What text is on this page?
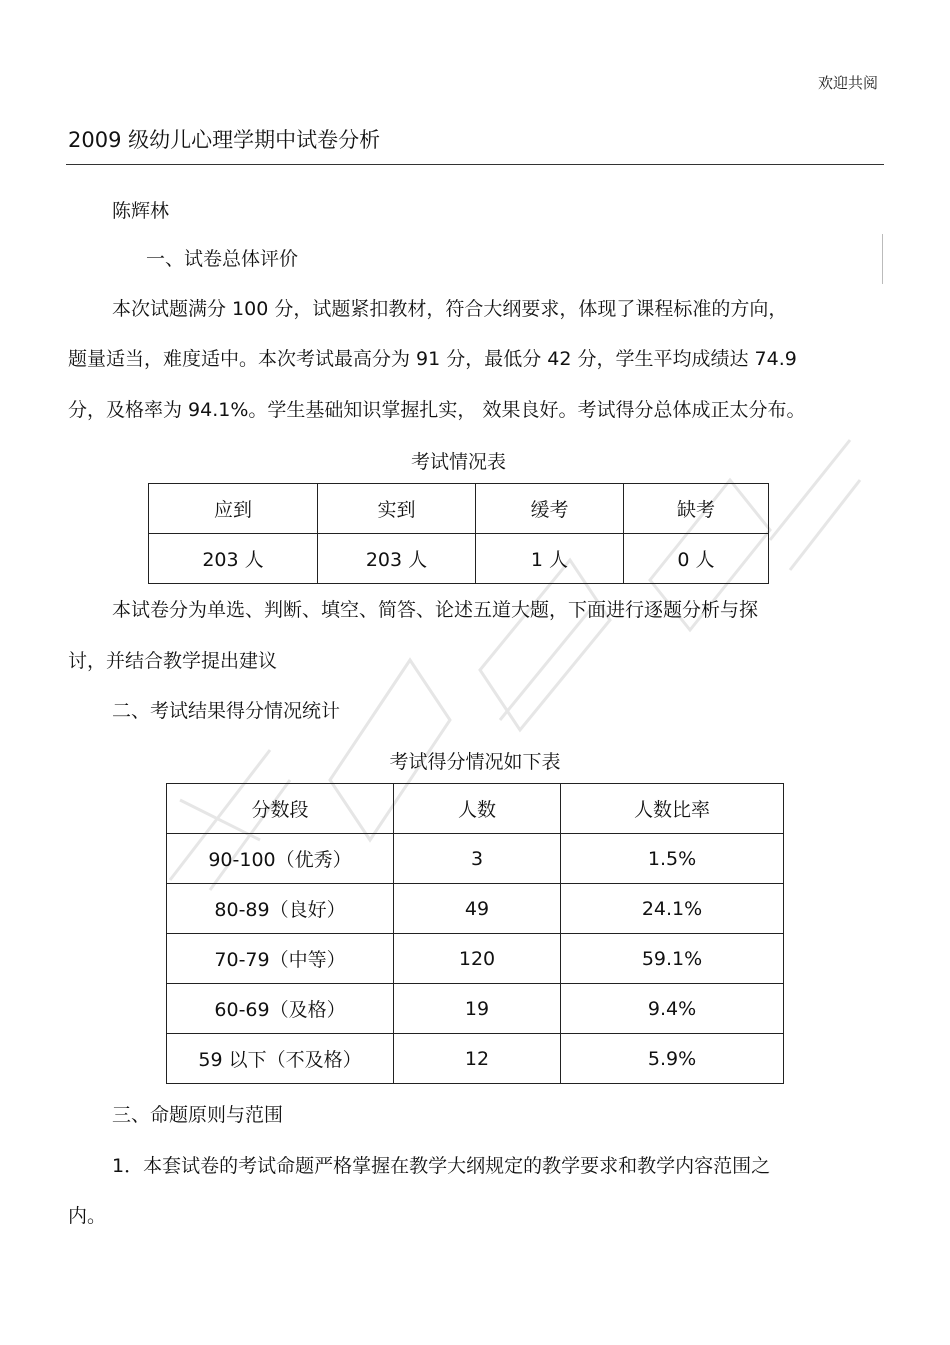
欢迎共阅
2009 级幼儿心理学期中试卷分析
陈辉林
一、试卷总体评价
本次试题满分 100 分，试题紧扣教材，符合大纲要求，体现了课程标准的方向，
题量适当，难度适中。本次考试最高分为 91 分，最低分 42 分，学生平均成绩达 74.9
分，及格率为 94.1%。学生基础知识掌握扎实， 效果良好。考试得分总体成正太分布。
考试情况表
应到	实到	缓考	缺考
203 人	203 人	1 人	0 人
本试卷分为单选、判断、填空、简答、论述五道大题，下面进行逐题分析与探
讨，并结合教学提出建议
二、考试结果得分情况统计
考试得分情况如下表
分数段	人数	人数比率
90-100（优秀）	3	1.5%
80-89（良好）	49	24.1%
70-79（中等）	120	59.1%
60-69（及格）	19	9.4%
59 以下（不及格）	12	5.9%
三、命题原则与范围
1．本套试卷的考试命题严格掌握在教学大纲规定的教学要求和教学内容范围之
内。
